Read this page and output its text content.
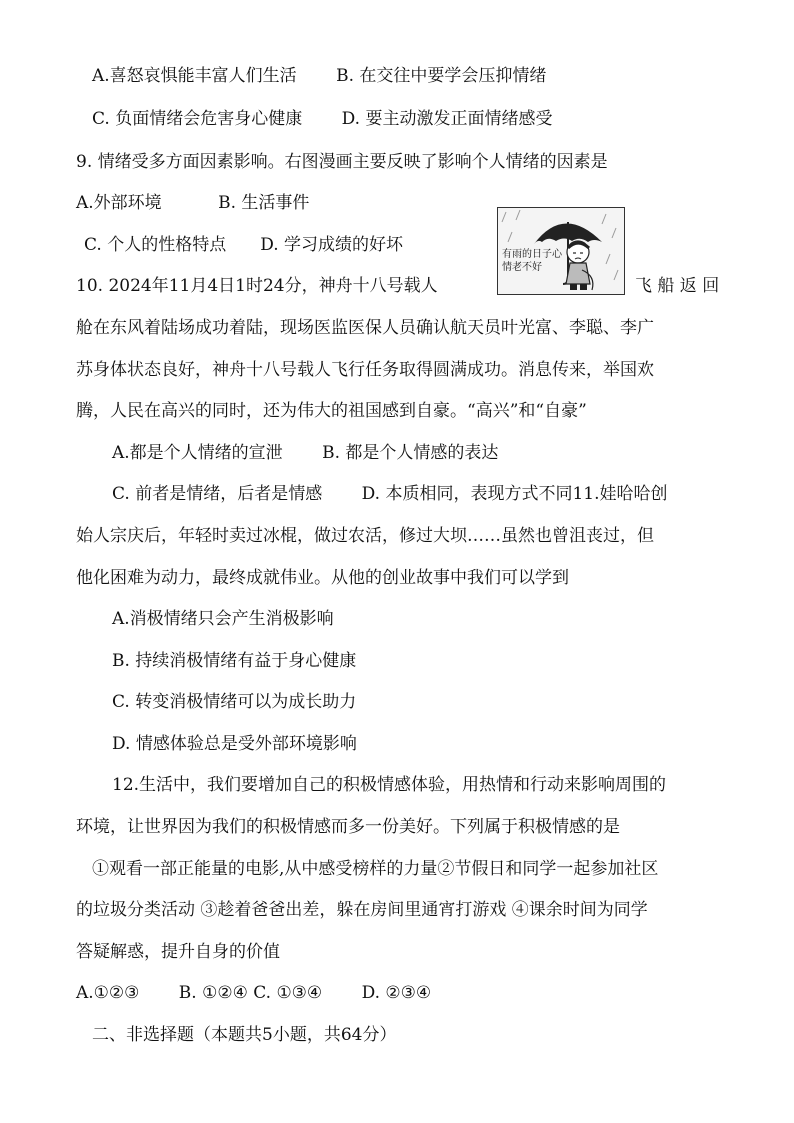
A.喜怒哀惧能丰富人们生活　　 B. 在交往中要学会压抑情绪
C. 负面情绪会危害身心健康　　 D. 要主动激发正面情绪感受
9. 情绪受多方面因素影响。右图漫画主要反映了影响个人情绪的因素是
A.外部环境　　　 B. 生活事件
C. 个人的性格特点　　D. 学习成绩的好坏
10. 2024年11月4日1时24分，神舟十八号载人	飞 船 返 回
舱在东风着陆场成功着陆，现场医监医保人员确认航天员叶光富、李聪、李广
苏身体状态良好，神舟十八号载人飞行任务取得圆满成功。消息传来，举国欢
腾，人民在高兴的同时，还为伟大的祖国感到自豪。“高兴”和“自豪”
A.都是个人情绪的宣泄　　 B. 都是个人情感的表达
C. 前者是情绪，后者是情感　　 D. 本质相同，表现方式不同11.娃哈哈创
始人宗庆后，年轻时卖过冰棍，做过农活，修过大坝……虽然也曾沮丧过，但
他化困难为动力，最终成就伟业。从他的创业故事中我们可以学到
A.消极情绪只会产生消极影响
B. 持续消极情绪有益于身心健康
C. 转变消极情绪可以为成长助力
D. 情感体验总是受外部环境影响
12.生活中，我们要增加自己的积极情感体验，用热情和行动来影响周围的
环境，让世界因为我们的积极情感而多一份美好。下列属于积极情感的是
①观看一部正能量的电影,从中感受榜样的力量②节假日和同学一起参加社区
的垃圾分类活动 ③趁着爸爸出差，躲在房间里通宵打游戏 ④课余时间为同学
答疑解惑，提升自身的价值
A.①②③　　 B. ①②④ C. ①③④　　 D. ②③④
二、非选择题（本题共5小题，共64分）
有雨的日子心情老不好
